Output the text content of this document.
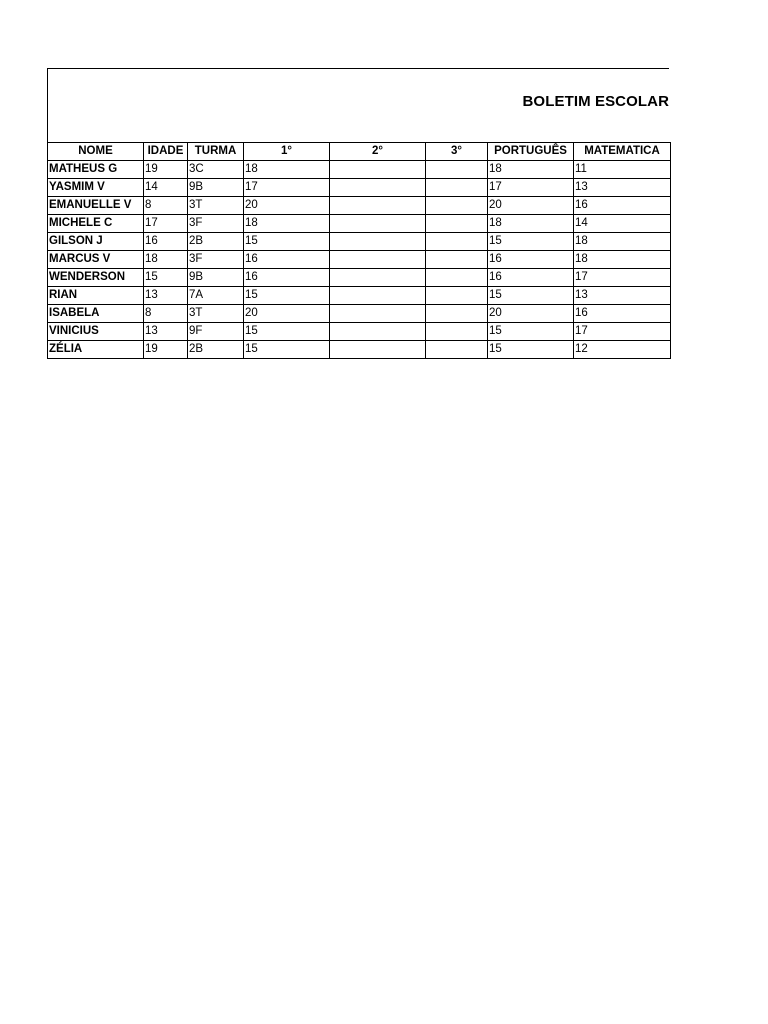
BOLETIM ESCOLAR
NOME	IDADE	TURMA	1°	2°	3°	PORTUGUÊS	MATEMATICA
MATHEUS G	19	3C	18			18	11
YASMIM V	14	9B	17			17	13
EMANUELLE V	8	3T	20			20	16
MICHELE C	17	3F	18			18	14
GILSON J	16	2B	15			15	18
MARCUS V	18	3F	16			16	18
WENDERSON	15	9B	16			16	17
RIAN	13	7A	15			15	13
ISABELA	8	3T	20			20	16
VINICIUS	13	9F	15			15	17
ZÉLIA	19	2B	15			15	12
